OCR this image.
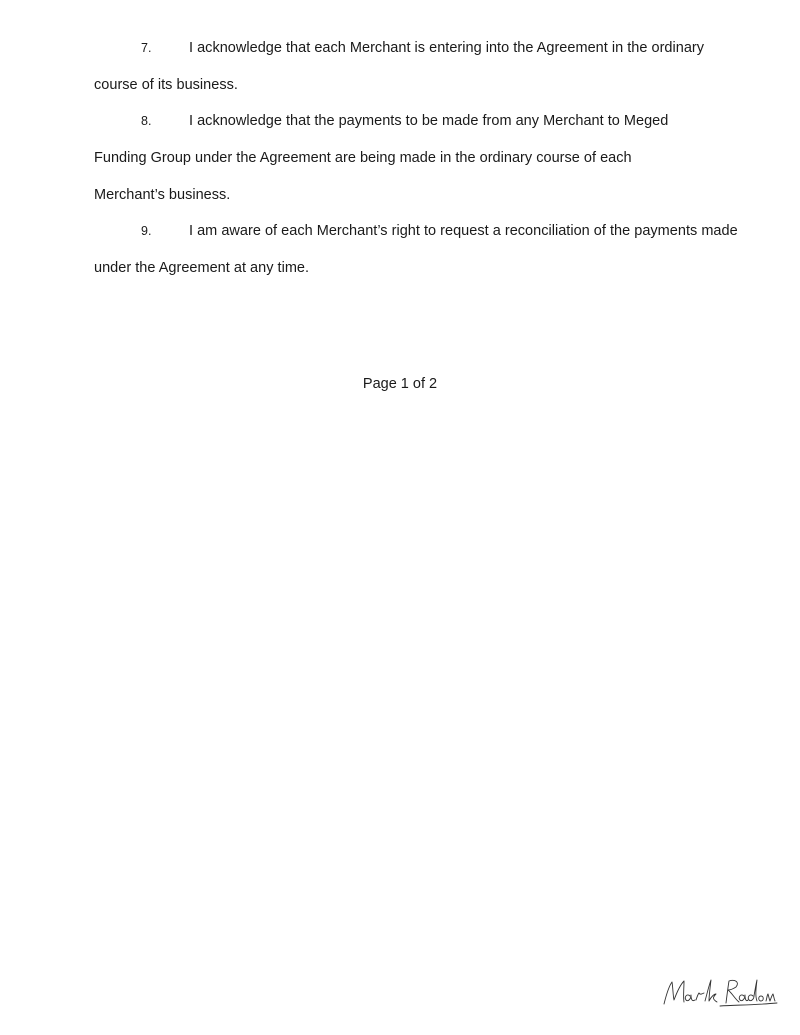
7.	I acknowledge that each Merchant is entering into the Agreement in the ordinary
course of its business.
8.	I acknowledge that the payments to be made from any Merchant to Meged
Funding Group under the Agreement are being made in the ordinary course of each
Merchant’s business.
9.	I am aware of each Merchant’s right to request a reconciliation of the payments made
under the Agreement at any time.
Page 1 of 2
